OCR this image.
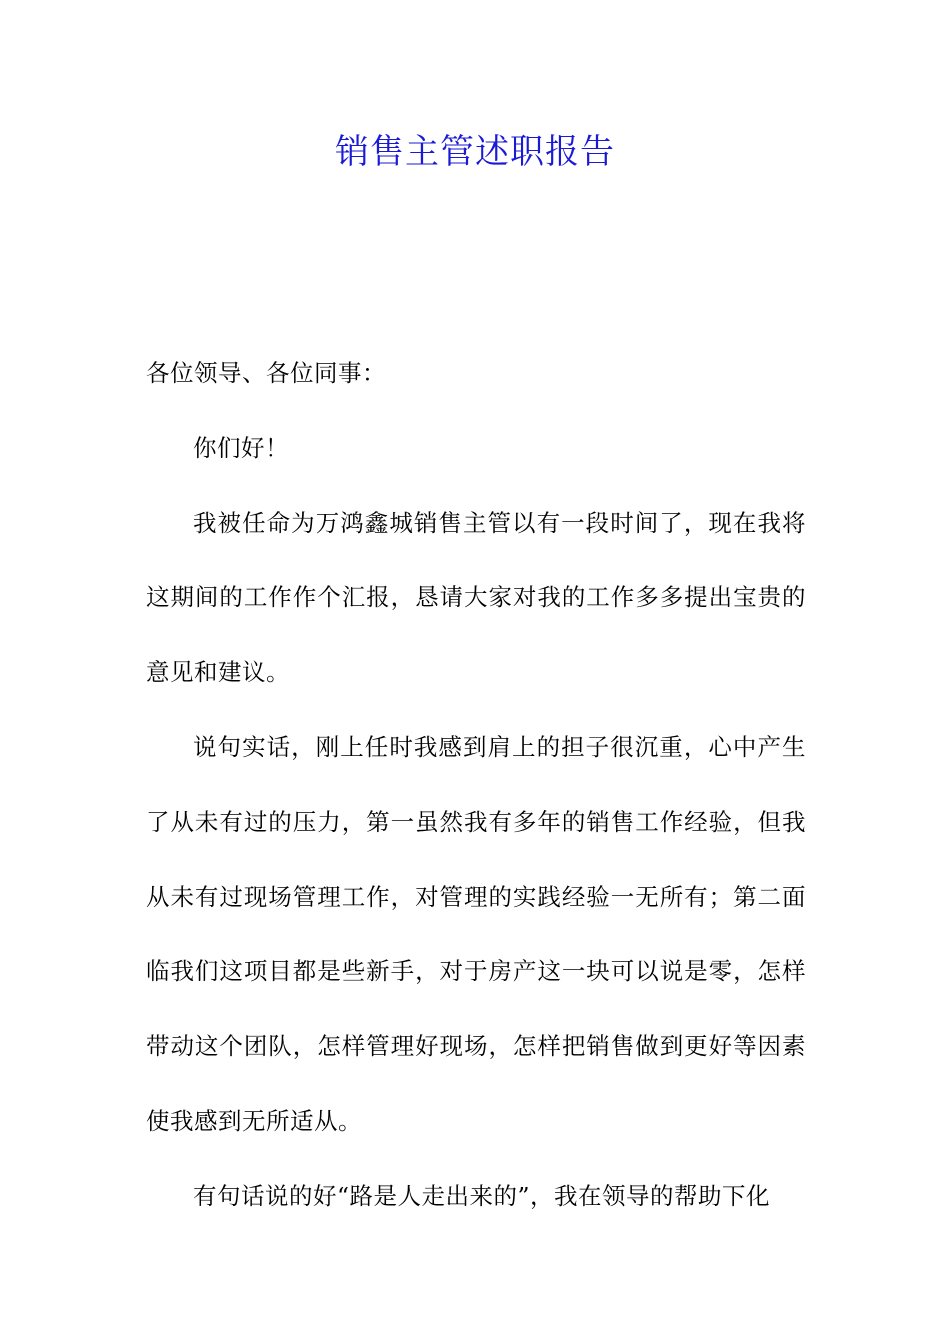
销售主管述职报告

各位领导、各位同事：

你们好！

我被任命为万鸿鑫城销售主管以有一段时间了，现在我将这期间的工作作个汇报，恳请大家对我的工作多多提出宝贵的意见和建议。

说句实话，刚上任时我感到肩上的担子很沉重，心中产生了从未有过的压力，第一虽然我有多年的销售工作经验，但我从未有过现场管理工作，对管理的实践经验一无所有；第二面临我们这项目都是些新手，对于房产这一块可以说是零，怎样带动这个团队，怎样管理好现场，怎样把销售做到更好等因素使我感到无所适从。

有句话说的好“路是人走出来的”，我在领导的帮助下化
